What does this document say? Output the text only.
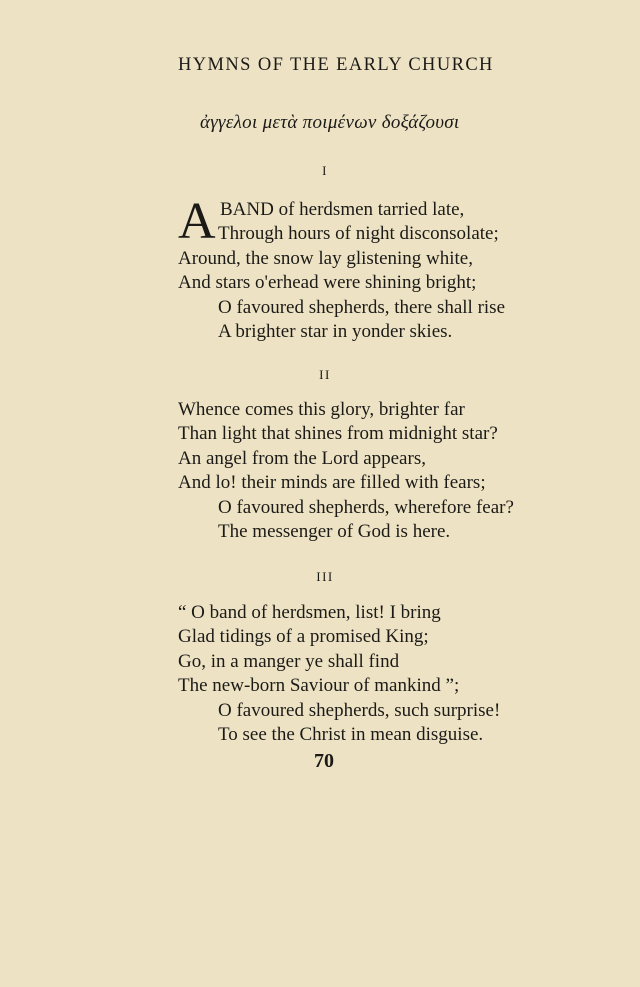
HYMNS OF THE EARLY CHURCH
ἀγγελοι μετὰ ποιμένων δοξάζουσι
I
A BAND of herdsmen tarried late,
Through hours of night disconsolate;
Around, the snow lay glistening white,
And stars o'erhead were shining bright;
O favoured shepherds, there shall rise
A brighter star in yonder skies.
II
Whence comes this glory, brighter far
Than light that shines from midnight star?
An angel from the Lord appears,
And lo! their minds are filled with fears;
O favoured shepherds, wherefore fear?
The messenger of God is here.
III
“ O band of herdsmen, list! I bring
Glad tidings of a promised King;
Go, in a manger ye shall find
The new-born Saviour of mankind ”;
O favoured shepherds, such surprise!
To see the Christ in mean disguise.
70
